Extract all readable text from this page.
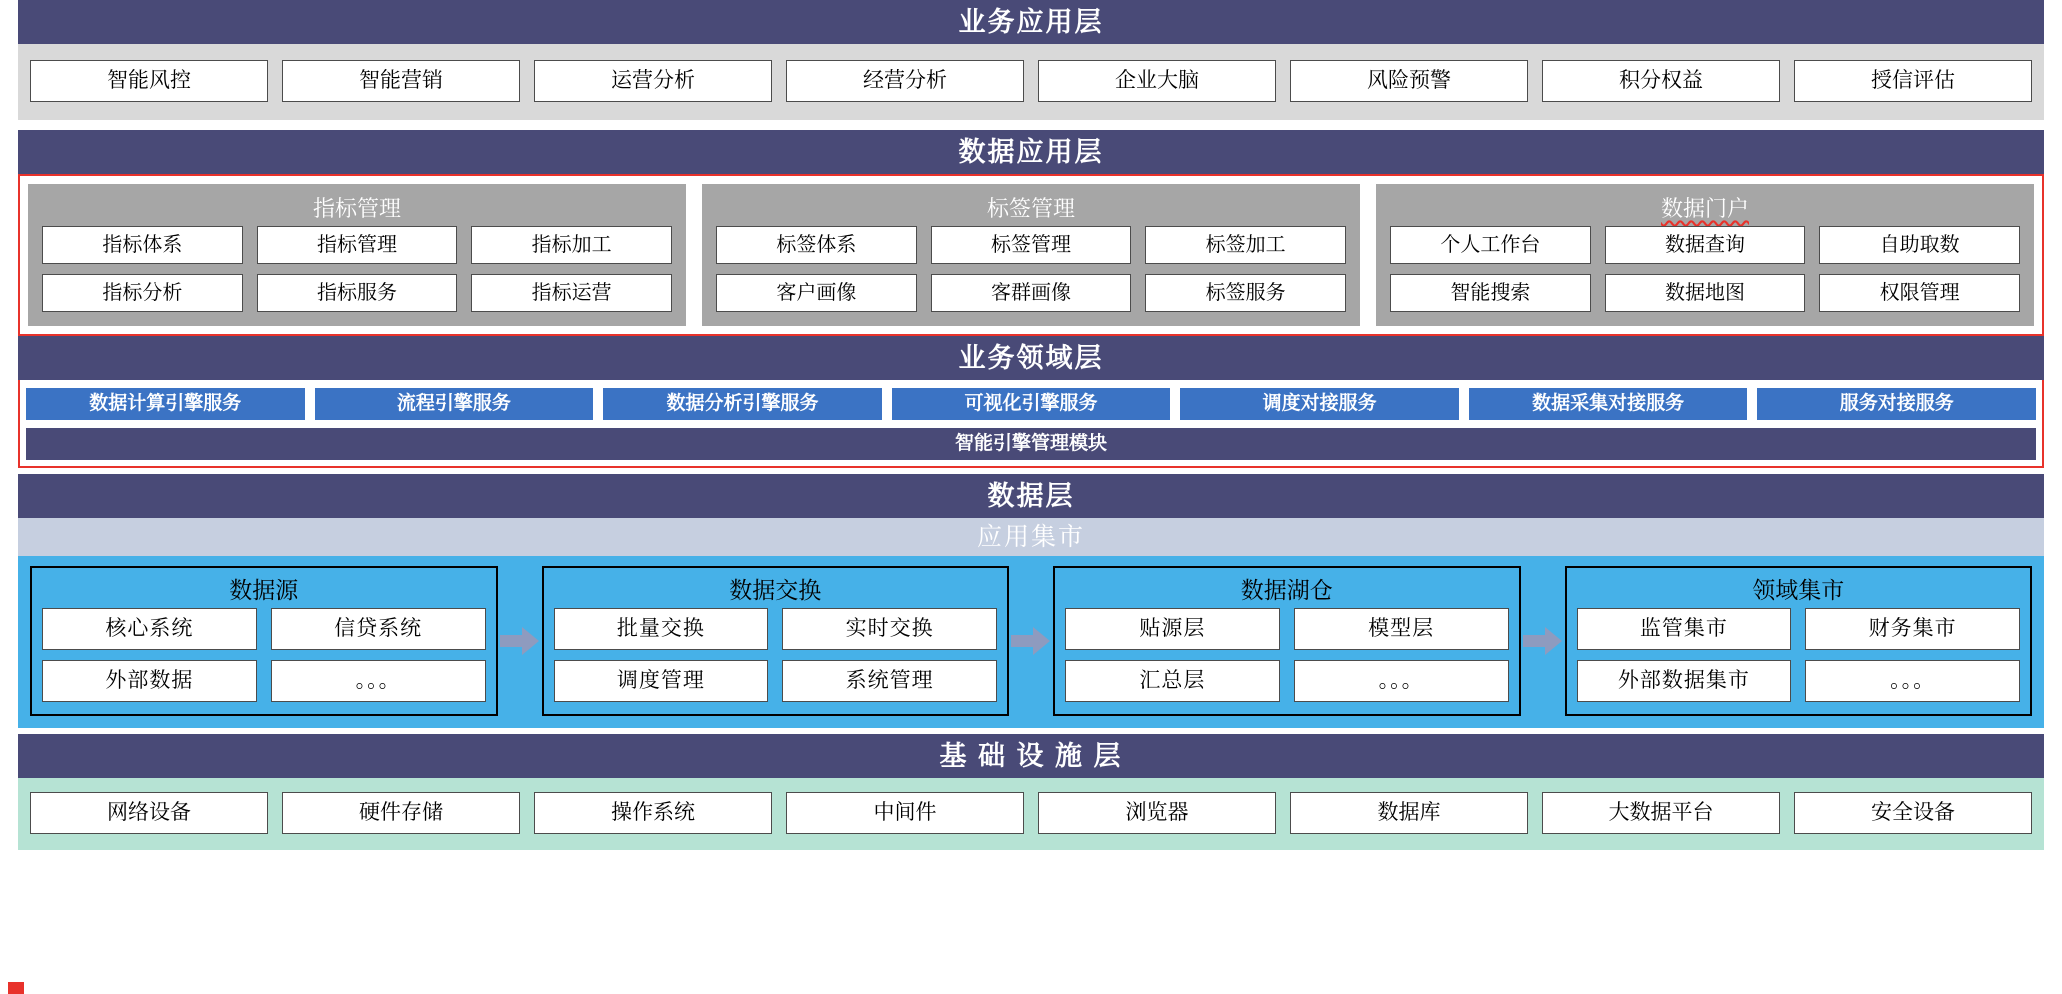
业务应用层
智能风控	智能营销	运营分析	经营分析	企业大脑	风险预警	积分权益	授信评估
数据应用层
指标管理
指标体系	指标管理	指标加工
指标分析	指标服务	指标运营
标签管理
标签体系	标签管理	标签加工
客户画像	客群画像	标签服务
数据门户
个人工作台	数据查询	自助取数
智能搜索	数据地图	权限管理
业务领域层
数据计算引擎服务	流程引擎服务	数据分析引擎服务	可视化引擎服务	调度对接服务	数据采集对接服务	服务对接服务
智能引擎管理模块
数据层
应用集市
数据源
核心系统	信贷系统
外部数据	。。。
数据交换
批量交换	实时交换
调度管理	系统管理
数据湖仓
贴源层	模型层
汇总层	。。。
领域集市
监管集市	财务集市
外部数据集市	。。。
基 础 设 施 层
网络设备	硬件存储	操作系统	中间件	浏览器	数据库	大数据平台	安全设备
